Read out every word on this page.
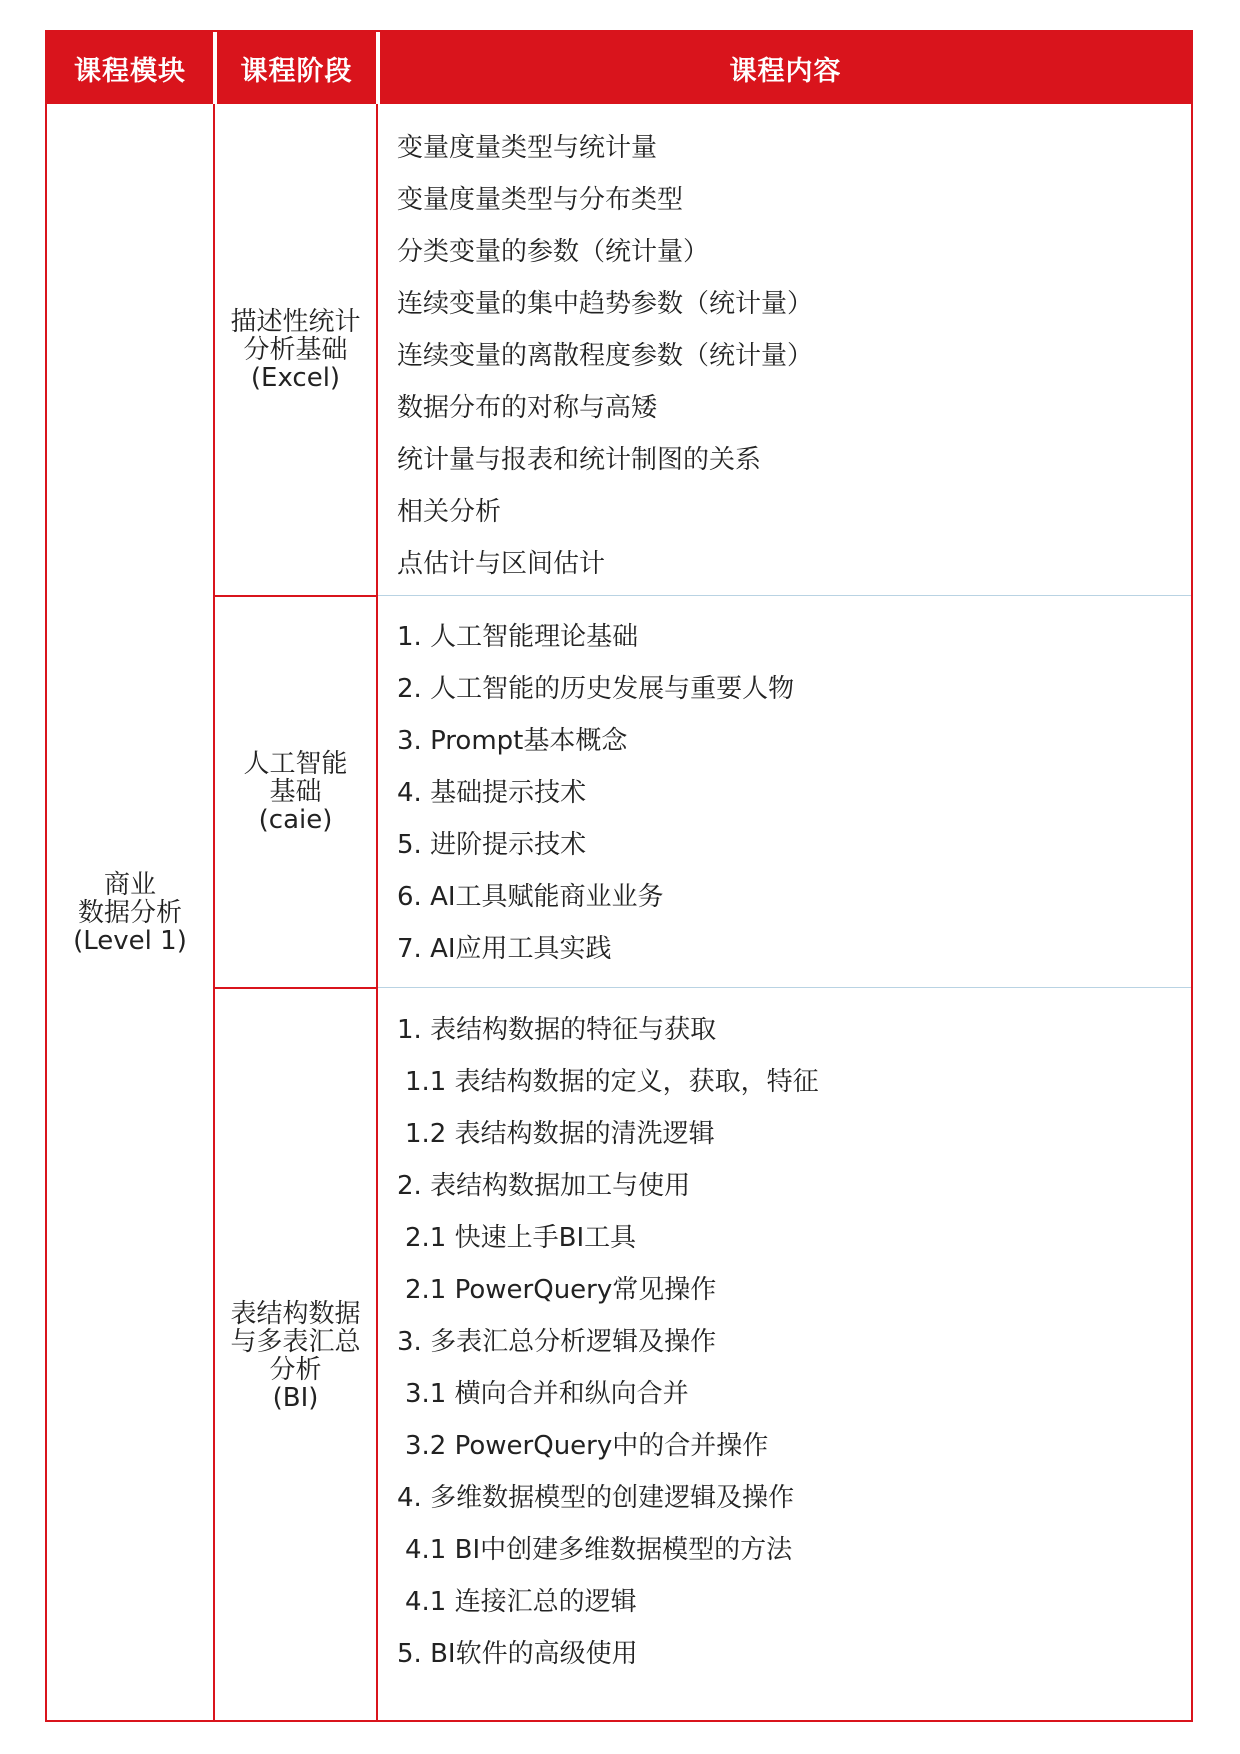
课程模块	课程阶段	课程内容
商业
数据分析
(Level 1)
描述性统计
分析基础
(Excel)
变量度量类型与统计量
变量度量类型与分布类型
分类变量的参数（统计量）
连续变量的集中趋势参数（统计量）
连续变量的离散程度参数（统计量）
数据分布的对称与高矮
统计量与报表和统计制图的关系
相关分析
点估计与区间估计
人工智能
基础
(caie)
1. 人工智能理论基础
2. 人工智能的历史发展与重要人物
3. Prompt基本概念
4. 基础提示技术
5. 进阶提示技术
6. AI工具赋能商业业务
7. AI应用工具实践
表结构数据
与多表汇总
分析
(BI)
1. 表结构数据的特征与获取
1.1 表结构数据的定义，获取，特征
1.2 表结构数据的清洗逻辑
2. 表结构数据加工与使用
2.1 快速上手BI工具
2.1 PowerQuery常见操作
3. 多表汇总分析逻辑及操作
3.1 横向合并和纵向合并
3.2 PowerQuery中的合并操作
4. 多维数据模型的创建逻辑及操作
4.1 BI中创建多维数据模型的方法
4.1 连接汇总的逻辑
5. BI软件的高级使用
